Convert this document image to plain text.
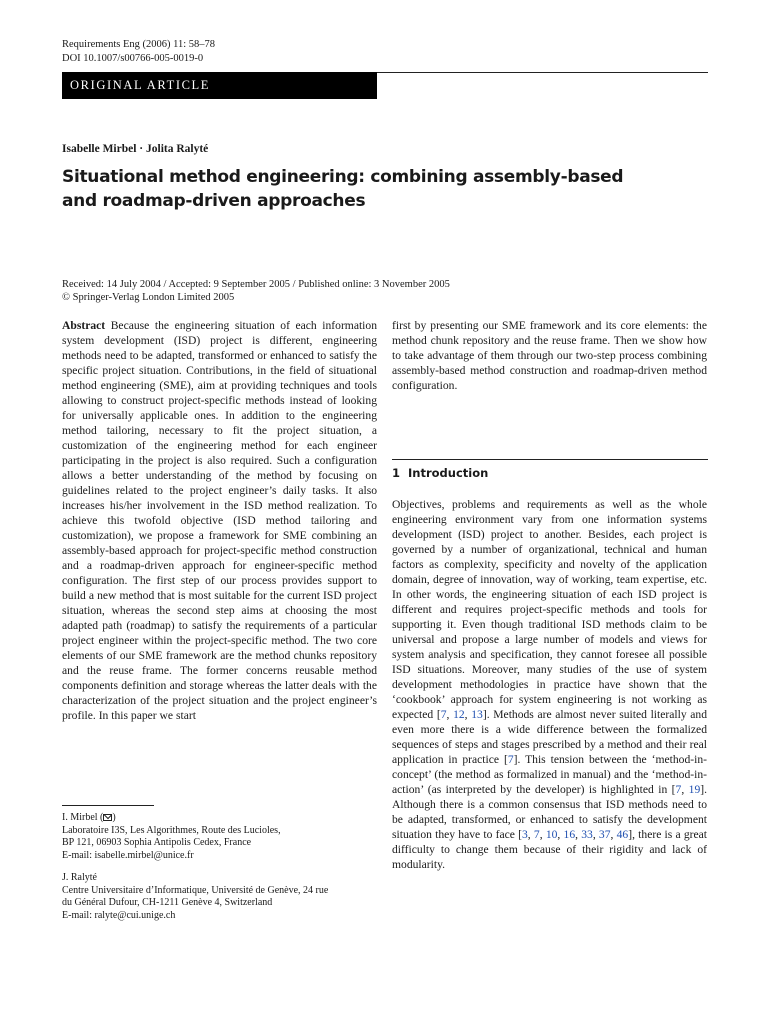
Requirements Eng (2006) 11: 58–78
DOI 10.1007/s00766-005-0019-0
ORIGINAL ARTICLE
Isabelle Mirbel · Jolita Ralyté
Situational method engineering: combining assembly-based
and roadmap-driven approaches
Received: 14 July 2004 / Accepted: 9 September 2005 / Published online: 3 November 2005
© Springer-Verlag London Limited 2005
Abstract Because the engineering situation of each information system development (ISD) project is different, engineering methods need to be adapted, transformed or enhanced to satisfy the specific project situation. Contributions, in the field of situational method engineering (SME), aim at providing techniques and tools allowing to construct project-specific methods instead of looking for universally applicable ones. In addition to the engineering method tailoring, necessary to fit the project situation, a customization of the engineering method for each engineer participating in the project is also required. Such a configuration allows a better understanding of the method by focusing on guidelines related to the project engineer’s daily tasks. It also increases his/her involvement in the ISD method realization. To achieve this twofold objective (ISD method tailoring and customization), we propose a framework for SME combining an assembly-based approach for project-specific method construction and a roadmap-driven approach for engineer-specific method configuration. The first step of our process provides support to build a new method that is most suitable for the current ISD project situation, whereas the second step aims at choosing the most adapted path (roadmap) to satisfy the requirements of a particular project engineer within the project-specific method. The two core elements of our SME framework are the method chunks repository and the reuse frame. The former concerns reusable method components definition and storage whereas the latter deals with the characterization of the project situation and the project engineer’s profile. In this paper we start
first by presenting our SME framework and its core elements: the method chunk repository and the reuse frame. Then we show how to take advantage of them through our two-step process combining assembly-based method construction and roadmap-driven method configuration.
1 Introduction
Objectives, problems and requirements as well as the whole engineering environment vary from one information systems development (ISD) project to another. Besides, each project is governed by a number of organizational, technical and human factors as complexity, specificity and novelty of the application domain, degree of innovation, way of working, team expertise, etc. In other words, the engineering situation of each ISD project is different and requires project-specific methods and tools for supporting it. Even though traditional ISD methods claim to be universal and propose a large number of models and views for system analysis and specification, they cannot foresee all possible ISD situations. Moreover, many studies of the use of system development methodologies in practice have shown that the ‘cookbook’ approach for system engineering is not working as expected [7, 12, 13]. Methods are almost never suited literally and even more there is a wide difference between the formalized sequences of steps and stages prescribed by a method and their real application in practice [7]. This tension between the ‘method-in-concept’ (the method as formalized in manual) and the ‘method-in-action’ (as interpreted by the developer) is highlighted in [7, 19]. Although there is a common consensus that ISD methods need to be adapted, transformed, or enhanced to satisfy the development situation they have to face [3, 7, 10, 16, 33, 37, 46], there is a great difficulty to change them because of their rigidity and lack of modularity.
I. Mirbel ( )
Laboratoire I3S, Les Algorithmes, Route des Lucioles,
BP 121, 06903 Sophia Antipolis Cedex, France
E-mail: isabelle.mirbel@unice.fr
J. Ralyté
Centre Universitaire d’Informatique, Université de Genève, 24 rue
du Général Dufour, CH-1211 Genève 4, Switzerland
E-mail: ralyte@cui.unige.ch
